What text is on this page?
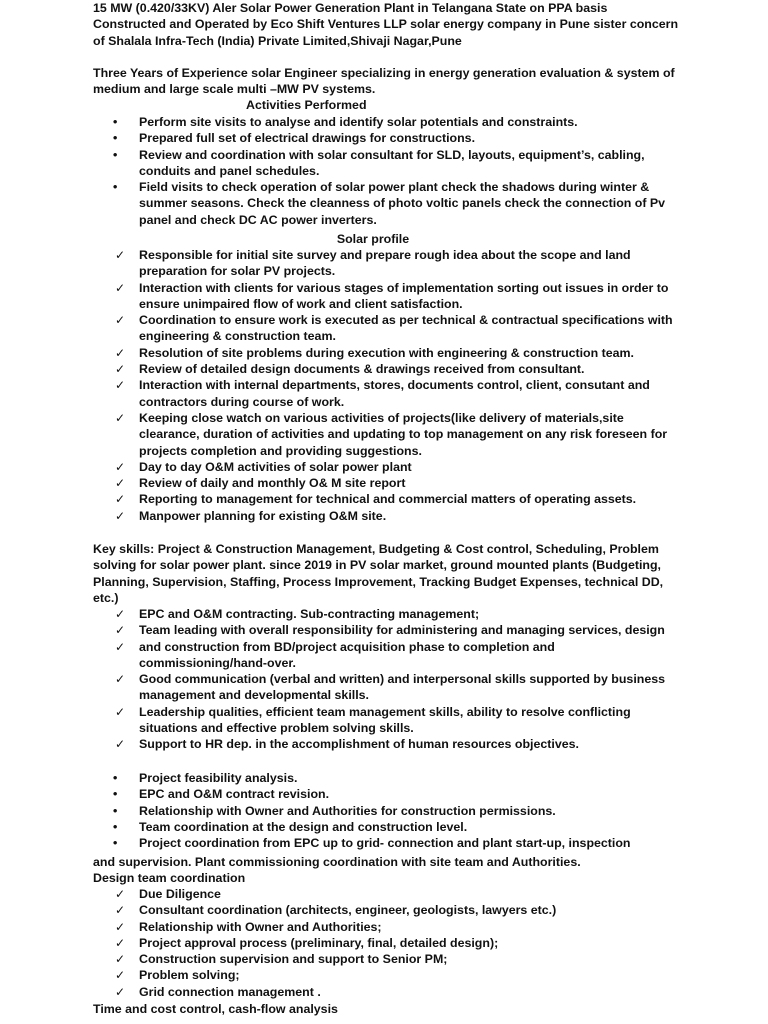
15 MW (0.420/33KV) Aler Solar Power Generation Plant in Telangana State on PPA basis Constructed and Operated by Eco Shift Ventures LLP solar energy company in Pune sister concern of Shalala Infra-Tech (India) Private Limited,Shivaji Nagar,Pune
Three Years of Experience solar Engineer specializing in energy generation evaluation & system of medium and large scale multi –MW PV systems.
Activities Performed
• Perform site visits to analyse and identify solar potentials and constraints.
• Prepared full set of electrical drawings for constructions.
• Review and coordination with solar consultant for SLD, layouts, equipment’s, cabling, conduits and panel schedules.
• Field visits to check operation of solar power plant check the shadows during winter & summer seasons. Check the cleanness of photo voltic panels check the connection of Pv panel and check DC AC power inverters.
Solar profile
✓ Responsible for initial site survey and prepare rough idea about the scope and land preparation for solar PV projects.
✓ Interaction with clients for various stages of implementation sorting out issues in order to ensure unimpaired flow of work and client satisfaction.
✓ Coordination to ensure work is executed as per technical & contractual specifications with engineering & construction team.
✓ Resolution of site problems during execution with engineering & construction team.
✓ Review of detailed design documents & drawings received from consultant.
✓ Interaction with internal departments, stores, documents control, client, consutant and contractors during course of work.
✓ Keeping close watch on various activities of projects(like delivery of materials,site clearance, duration of activities and updating to top management on any risk foreseen for projects completion and providing suggestions.
✓ Day to day O&M activities of solar power plant
✓ Review of daily and monthly O& M site report
✓ Reporting to management for technical and commercial matters of operating assets.
✓ Manpower planning for existing O&M site.
Key skills: Project & Construction Management, Budgeting & Cost control, Scheduling, Problem solving for solar power plant. since 2019 in PV solar market, ground mounted plants (Budgeting, Planning, Supervision, Staffing, Process Improvement, Tracking Budget Expenses, technical DD, etc.)
✓ EPC and O&M contracting. Sub-contracting management;
✓ Team leading with overall responsibility for administering and managing services, design
✓ and construction from BD/project acquisition phase to completion and commissioning/hand-over.
✓ Good communication (verbal and written) and interpersonal skills supported by business management and developmental skills.
✓ Leadership qualities, efficient team management skills, ability to resolve conflicting situations and effective problem solving skills.
✓ Support to HR dep. in the accomplishment of human resources objectives.
• Project feasibility analysis.
• EPC and O&M contract revision.
• Relationship with Owner and Authorities for construction permissions.
• Team coordination at the design and construction level.
• Project coordination from EPC up to grid- connection and plant start-up, inspection
and supervision. Plant commissioning coordination with site team and Authorities.
Design team coordination
✓ Due Diligence
✓ Consultant coordination (architects, engineer, geologists, lawyers etc.)
✓ Relationship with Owner and Authorities;
✓ Project approval process (preliminary, final, detailed design);
✓ Construction supervision and support to Senior PM;
✓ Problem solving;
✓ Grid connection management .
Time and cost control, cash-flow analysis
